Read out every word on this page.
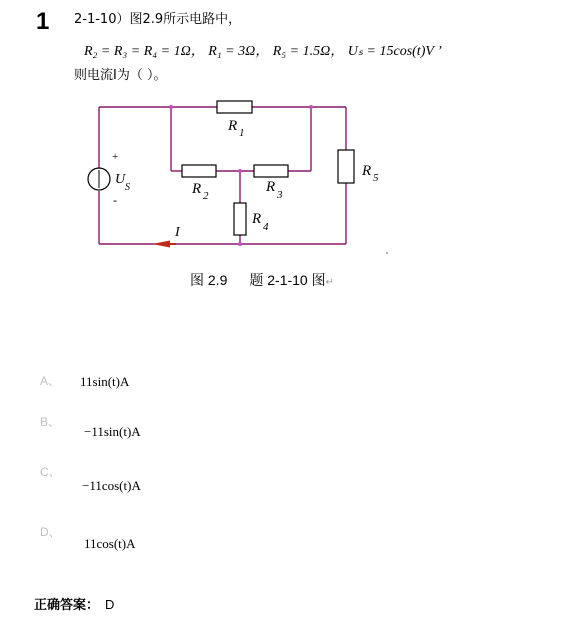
1 2-1-10）图2.9所示电路中，
R₂ = R₃ = R₄ = 1Ω， R₁ = 3Ω， R₅ = 1.5Ω， Uₛ = 15cos(t)V ’
则电流I为（ ）。
R 1
R 2
R 3
R 4
R 5
U
S
+
-
I
图 2.9 题 2-1-10 图↵
A、 11sin(t)A
B、
−11sin(t)A
C、
−11cos(t)A
D、
11cos(t)A
正确答案： D
